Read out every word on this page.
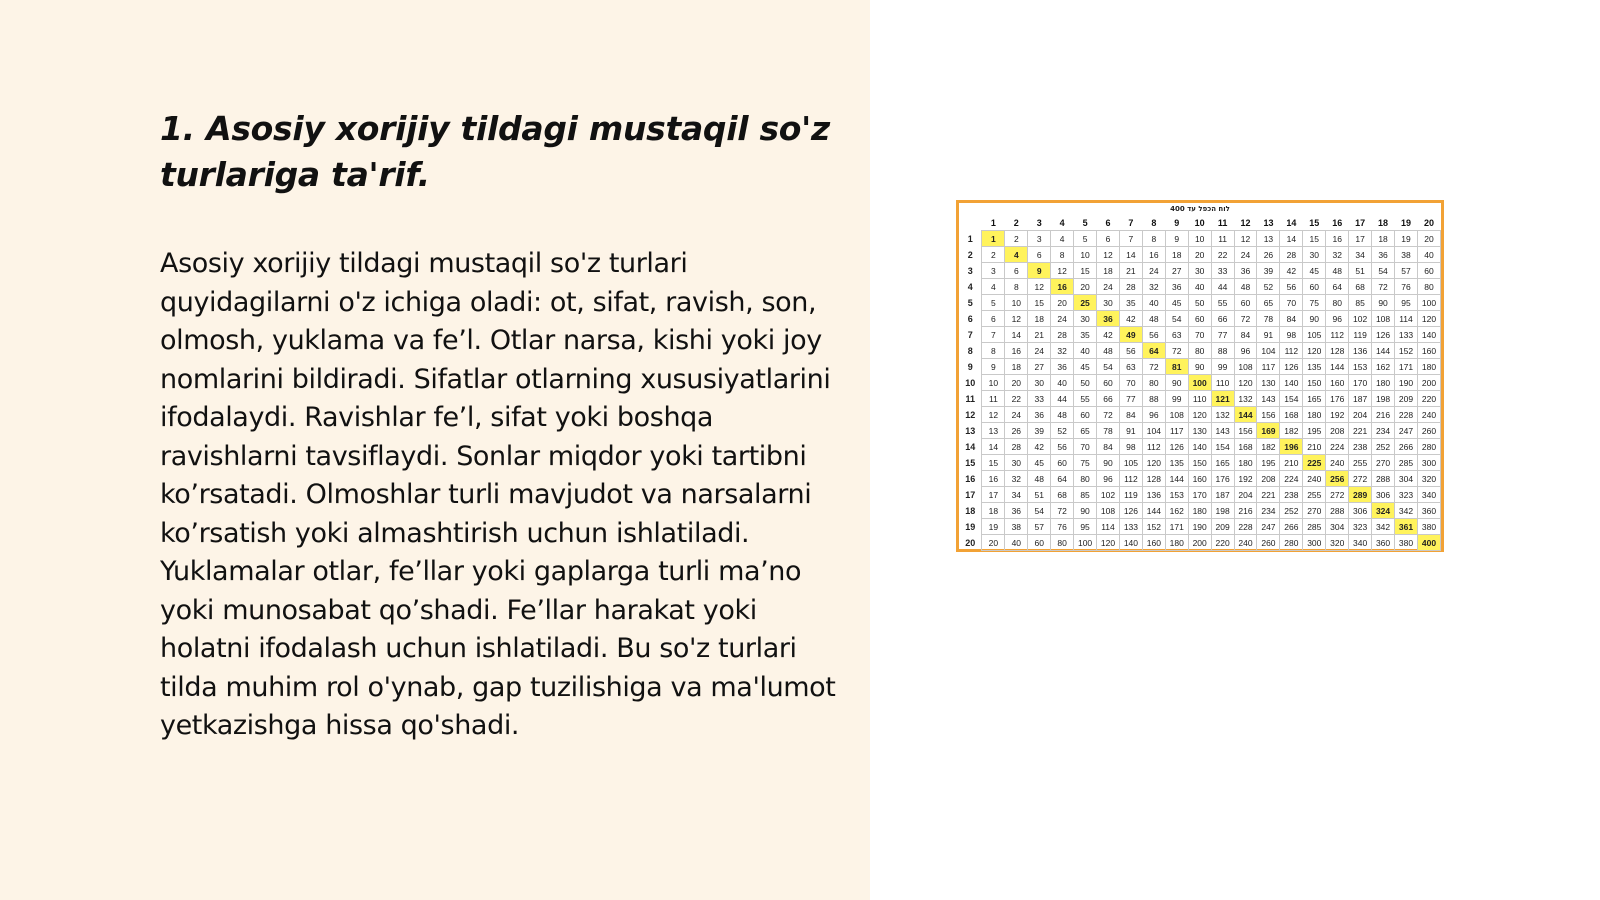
1. Asosiy xorijiy tildagi mustaqil so'z turlariga ta'rif.

Asosiy xorijiy tildagi mustaqil so'z turlari quyidagilarni o'z ichiga oladi: ot, sifat, ravish, son, olmosh, yuklama va fe’l. Otlar narsa, kishi yoki joy nomlarini bildiradi. Sifatlar otlarning xususiyatlarini ifodalaydi. Ravishlar fe’l, sifat yoki boshqa ravishlarni tavsiflaydi. Sonlar miqdor yoki tartibni ko’rsatadi. Olmoshlar turli mavjudot va narsalarni ko’rsatish yoki almashtirish uchun ishlatiladi. Yuklamalar otlar, fe’llar yoki gaplarga turli ma’no yoki munosabat qo’shadi. Fe’llar harakat yoki holatni ifodalash uchun ishlatiladi. Bu so'z turlari tilda muhim rol o'ynab, gap tuzilishiga va ma'lumot yetkazishga hissa qo'shadi.

לוח הכפל עד 400
	1	2	3	4	5	6	7	8	9	10	11	12	13	14	15	16	17	18	19	20
1	1	2	3	4	5	6	7	8	9	10	11	12	13	14	15	16	17	18	19	20
2	2	4	6	8	10	12	14	16	18	20	22	24	26	28	30	32	34	36	38	40
3	3	6	9	12	15	18	21	24	27	30	33	36	39	42	45	48	51	54	57	60
4	4	8	12	16	20	24	28	32	36	40	44	48	52	56	60	64	68	72	76	80
5	5	10	15	20	25	30	35	40	45	50	55	60	65	70	75	80	85	90	95	100
6	6	12	18	24	30	36	42	48	54	60	66	72	78	84	90	96	102	108	114	120
7	7	14	21	28	35	42	49	56	63	70	77	84	91	98	105	112	119	126	133	140
8	8	16	24	32	40	48	56	64	72	80	88	96	104	112	120	128	136	144	152	160
9	9	18	27	36	45	54	63	72	81	90	99	108	117	126	135	144	153	162	171	180
10	10	20	30	40	50	60	70	80	90	100	110	120	130	140	150	160	170	180	190	200
11	11	22	33	44	55	66	77	88	99	110	121	132	143	154	165	176	187	198	209	220
12	12	24	36	48	60	72	84	96	108	120	132	144	156	168	180	192	204	216	228	240
13	13	26	39	52	65	78	91	104	117	130	143	156	169	182	195	208	221	234	247	260
14	14	28	42	56	70	84	98	112	126	140	154	168	182	196	210	224	238	252	266	280
15	15	30	45	60	75	90	105	120	135	150	165	180	195	210	225	240	255	270	285	300
16	16	32	48	64	80	96	112	128	144	160	176	192	208	224	240	256	272	288	304	320
17	17	34	51	68	85	102	119	136	153	170	187	204	221	238	255	272	289	306	323	340
18	18	36	54	72	90	108	126	144	162	180	198	216	234	252	270	288	306	324	342	360
19	19	38	57	76	95	114	133	152	171	190	209	228	247	266	285	304	323	342	361	380
20	20	40	60	80	100	120	140	160	180	200	220	240	260	280	300	320	340	360	380	400
